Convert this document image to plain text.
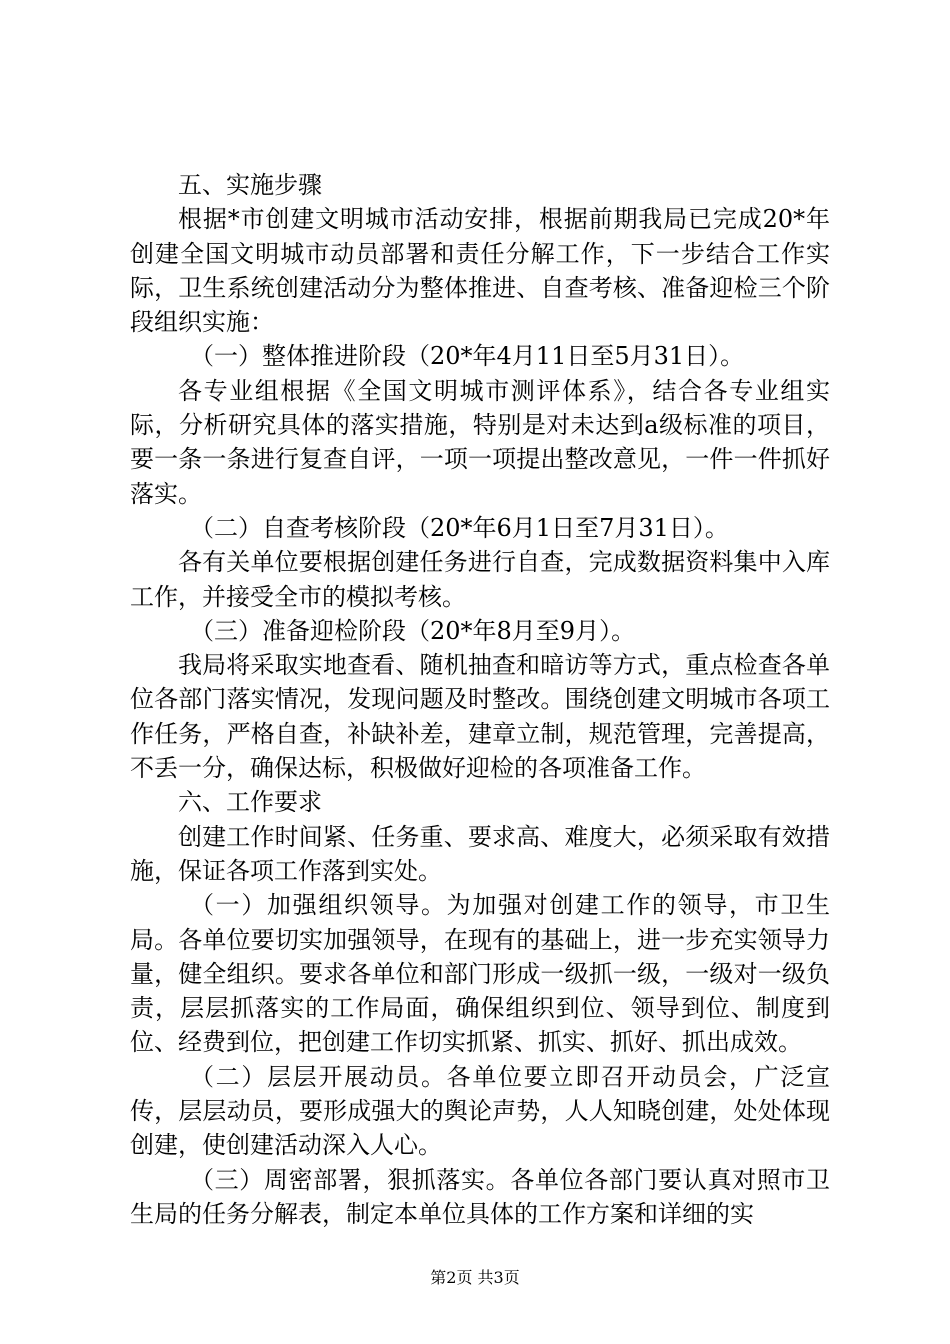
五、实施步骤

根据*市创建文明城市活动安排，根据前期我局已完成20*年创建全国文明城市动员部署和责任分解工作，下一步结合工作实际，卫生系统创建活动分为整体推进、自查考核、准备迎检三个阶段组织实施：

（一）整体推进阶段（20*年4月11日至5月31日）。

各专业组根据《全国文明城市测评体系》，结合各专业组实际，分析研究具体的落实措施，特别是对未达到a级标准的项目，要一条一条进行复查自评，一项一项提出整改意见，一件一件抓好落实。

（二）自查考核阶段（20*年6月1日至7月31日）。

各有关单位要根据创建任务进行自查，完成数据资料集中入库工作，并接受全市的模拟考核。

（三）准备迎检阶段（20*年8月至9月）。

我局将采取实地查看、随机抽查和暗访等方式，重点检查各单位各部门落实情况，发现问题及时整改。围绕创建文明城市各项工作任务，严格自查，补缺补差，建章立制，规范管理，完善提高，不丢一分，确保达标，积极做好迎检的各项准备工作。

六、工作要求

创建工作时间紧、任务重、要求高、难度大，必须采取有效措施，保证各项工作落到实处。

（一）加强组织领导。为加强对创建工作的领导，市卫生局。各单位要切实加强领导，在现有的基础上，进一步充实领导力量，健全组织。要求各单位和部门形成一级抓一级，一级对一级负责，层层抓落实的工作局面，确保组织到位、领导到位、制度到位、经费到位，把创建工作切实抓紧、抓实、抓好、抓出成效。

（二）层层开展动员。各单位要立即召开动员会，广泛宣传，层层动员，要形成强大的舆论声势，人人知晓创建，处处体现创建，使创建活动深入人心。

（三）周密部署，狠抓落实。各单位各部门要认真对照市卫生局的任务分解表，制定本单位具体的工作方案和详细的实

第2页 共3页
